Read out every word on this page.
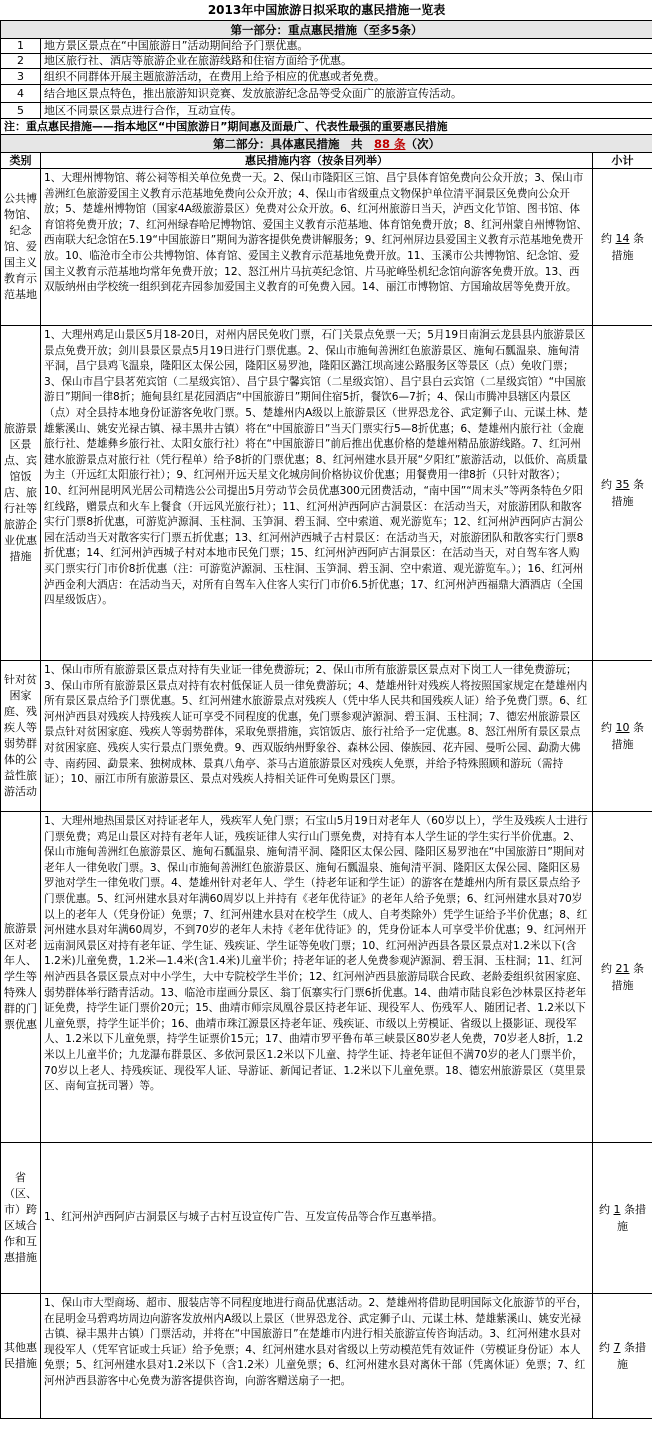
2013年中国旅游日拟采取的惠民措施一览表		
第一部分：重点惠民措施（至多5条）		
1	地方景区景点在“中国旅游日”活动期间给予门票优惠。	
2	地区旅行社、酒店等旅游企业在旅游线路和住宿方面给予优惠。	
3	组织不同群体开展主题旅游活动，在费用上给予相应的优惠或者免费。	
4	结合地区景点特色，推出旅游知识竞赛、发放旅游纪念品等受众面广的旅游宣传活动。	
5	地区不同景区景点进行合作，互动宣传。	
注：重点惠民措施——指本地区“中国旅游日”期间惠及面最广、代表性最强的重要惠民措施		
第二部分：具体惠民措施　共　88 条（次）		
类别	惠民措施内容（按条目列举）	小计
公共博物馆、纪念馆、爱国主义教育示范基地	1、大理州博物馆、蒋公祠等相关单位免费一天。2、保山市隆阳区三馆、昌宁县体育馆免费向公众开放；3、保山市善洲红色旅游爱国主义教育示范基地免费向公众开放；4、保山市省级重点文物保护单位清平洞景区免费向公众开放；5、楚雄州博物馆（国家4A级旅游景区）免费对公众开放。6、红河州旅游日当天，泸西文化节馆、图书馆、体育馆将免费开放；7、红河州绿春哈尼博物馆、爱国主义教育示范基地、体育馆免费开放；8、红河州蒙自州博物馆、西南联大纪念馆在5.19“中国旅游日”期间为游客提供免费讲解服务；9、红河州屏边县爱国主义教育示范基地免费开放。10、临沧市全市公共博物馆、体育馆、爱国主义教育示范基地免费开放。11、玉溪市公共博物馆、纪念馆、爱国主义教育示范基地均常年免费开放；12、怒江州片马抗英纪念馆、片马驼峰坠机纪念馆向游客免费开放。13、西双版纳州由学校统一组织到花卉园参加爱国主义教育的可免费入园。14、丽江市博物馆、方国瑜故居等免费开放。	约 14 条措施
旅游景区景点、宾馆饭店、旅行社等旅游企业优惠措施	1、大理州鸡足山景区5月18-20日，对州内居民免收门票，石门关景点免票一天；5月19日南涧云龙县县内旅游景区景点免费开放；剑川县景区景点5月19日进行门票优惠。2、保山市施甸善洲红色旅游景区、施甸石瓢温泉、施甸清平洞，昌宁县鸡飞温泉，隆阳区太保公园，隆阳区易罗池，隆阳区潞江坝高速公路服务区等景区（点）免收门票；3、保山市昌宁县茗苑宾馆（二星级宾馆）、昌宁县宁馨宾馆（二星级宾馆）、昌宁县白云宾馆（二星级宾馆）“中国旅游日”期间一律8折；施甸县红星花园酒店“中国旅游日”期间住宿5折，餐饮6—7折；4、保山市腾冲县辖区内景区（点）对全县持本地身份证游客免收门票。5、楚雄州内A级以上旅游景区（世界恐龙谷、武定狮子山、元谋土林、楚雄紫溪山、姚安光禄古镇、禄丰黑井古镇）将在“中国旅游日”当天门票实行5—8折优惠；6、楚雄州内旅行社（金鹿旅行社、楚雄彝乡旅行社、太阳女旅行社）将在“中国旅游日”前后推出优惠价格的楚雄州精品旅游线路。7、红河州建水旅游景点对旅行社（凭行程单）给予8折的门票优惠；8、红河州建水县开展“夕阳红”旅游活动，以低价、高质量为主（开远红太阳旅行社）；9、红河州开远天星文化城房间价格协议价优惠；用餐费用一律8折（只针对散客）；10、红河州昆明风光居公司精选公公司提出5月劳动节会员优惠300元团费活动，“南中国”“周末头”等两条特色夕阳红线路，赠景点和火车上餐食（开远风光旅行社）；11、红河州泸西阿庐古洞景区：在活动当天，对旅游团队和散客实行门票8折优惠，可游览泸源洞、玉柱洞、玉笋洞、碧玉洞、空中索道、观光游览车；12、红河州泸西阿庐古洞公园在活动当天对散客实行门票五折优惠；13、红河州泸西城子古村景区：在活动当天，对旅游团队和散客实行门票8折优惠；14、红河州泸西城子村对本地市民免门票；15、红河州泸西阿庐古洞景区：在活动当天，对自驾车客人购买门票实行门市价8折优惠（注：可游览泸源洞、玉柱洞、玉笋洞、碧玉洞、空中索道、观光游览车。）；16、红河州泸西金利大酒店：在活动当天，对所有自驾车入住客人实行门市价6.5折优惠；17、红河州泸西福鼎大酒酒店（全国四星级饭店）。	约 35 条措施
针对贫困家庭、残疾人等弱势群体的公益性旅游活动	1、保山市所有旅游景区景点对持有失业证一律免费游玩；2、保山市所有旅游景区景点对下岗工人一律免费游玩；3、保山市所有旅游景区景点对持有农村低保证人员一律免费游玩；4、楚雄州针对残疾人将按照国家规定在楚雄州内所有景区景点给予门票优惠。5、红河州建水旅游景点对残疾人（凭中华人民共和国残疾人证）给予免费门票。6、红河州泸西县对残疾人持残疾人证可享受不同程度的优惠，免门票参观泸源洞、碧玉洞、玉柱洞；7、德宏州旅游景区景点针对贫困家庭、残疾人等弱势群体，采取免票措施，宾馆饭店、旅行社给予一定优惠。8、怒江州所有景区景点对贫困家庭、残疾人实行景点门票免费。9、西双版纳州野象谷、森林公园、傣族园、花卉园、曼听公园、勐泐大佛寺、南药园、勐景来、独树成林、景真八角亭、茶马古道旅游景区对残疾人免票，并给予特殊照顾和游玩（需持证）；10、丽江市所有旅游景区、景点对残疾人持相关证件可免购景区门票。	约 10 条措施
旅游景区对老年人、学生等特殊人群的门票优惠	1、大理州地热国景区对持证老年人，残疾军人免门票；石宝山5月19日对老年人（60岁以上），学生及残疾人士进行门票免费；鸡足山景区对持有老年人证，残疾证律人实行山门票免费，对持有本人学生证的学生实行半价优惠。2、保山市施甸善洲红色旅游景区、施甸石瓢温泉、施甸清平洞、隆阳区太保公园、隆阳区易罗池在“中国旅游日”期间对老年人一律免收门票。3、保山市施甸善洲红色旅游景区、施甸石瓢温泉、施甸清平洞、隆阳区太保公园、隆阳区易罗池对学生一律免收门票。4、楚雄州针对老年人、学生（持老年证和学生证）的游客在楚雄州内所有景区景点给予门票优惠。5、红河州建水县对年满60周岁以上并持有《老年优待证》的老年人给予免票；6、红河州建水县对70岁以上的老年人（凭身份证）免票；7、红河州建水县对在校学生（成人、自考类除外）凭学生证给予半价优惠；8、红河州建水县对年满60周岁，不到70岁的老年人未持《老年优待证》的，凭身份证本人可享受半价优惠；9、红河州开远南洞风景区对持有老年证、学生证、残疾证、学生证等免收门票；10、红河州泸西县各景区景点对1.2米以下(含1.2米)儿童免费，1.2米—1.4米(含1.4米)儿童半价；持老年证的老人免费参观泸源洞、碧玉洞、玉柱洞；11、红河州泸西县各景区景点对中小学生，大中专院校学生半价；12、红河州泸西县旅游局联合民政、老龄委组织贫困家庭、弱势群体举行踏青活动。13、临沧市崖画分景区、翁丁佤寨实行门票6折优惠。14、曲靖市陆良彩色沙林景区持老年证免费，持学生证门票价20元；15、曲靖市师宗凤凰谷景区持老年证、现役军人、伤残军人、随团记者、1.2米以下儿童免票，持学生证半价；16、曲靖市珠江源景区持老年证、残疾证、市级以上劳模证、省级以上摄影证、现役军人、1.2米以下儿童免票，持学生证票价15元；17、曲靖市罗平鲁布革三峡景区80岁老人免费，70岁老人8折，1.2米以上儿童半价；九龙瀑布群景区、多依河景区1.2米以下儿童、持学生证、持老年证但不满70岁的老人门票半价，70岁以上老人、持残疾证、现役军人证、导游证、新闻记者证、1.2米以下儿童免票。18、德宏州旅游景区（莫里景区、南甸宣抚司署）等。	约 21 条措施
省（区、市）跨区域合作和互惠措施	1、红河州泸西阿庐古洞景区与城子古村互设宣传广告、互发宣传品等合作互惠举措。	约 1 条措施
其他惠民措施	1、保山市大型商场、超市、服装店等不同程度地进行商品优惠活动。2、楚雄州将借助昆明国际文化旅游节的平台，在昆明金马碧鸡坊周边向游客发放州内A级以上景区（世界恐龙谷、武定狮子山、元谋土林、楚雄紫溪山、姚安光禄古镇、禄丰黑井古镇）门票活动，并将在“中国旅游日”在楚雄市内进行相关旅游宣传咨询活动。3、红河州建水县对现役军人（凭军官证或士兵证）给予免票；4、红河州建水县对省级以上劳动模范凭有效证件（劳模证身份证）本人免票；5、红河州建水县对1.2米以下（含1.2米）儿童免票；6、红河州建水县对离休干部（凭离休证）免票；7、红河州泸西县游客中心免费为游客提供咨询，向游客赠送扇子一把。	约 7 条措施
